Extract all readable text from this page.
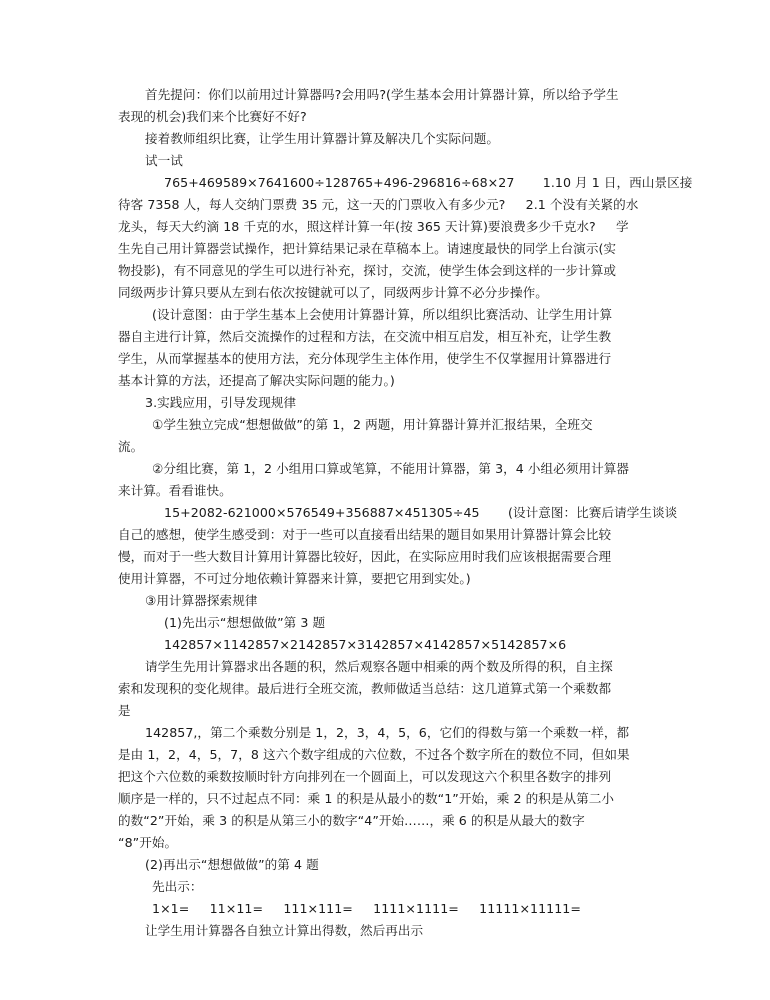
首先提问：你们以前用过计算器吗?会用吗?(学生基本会用计算器计算，所以给予学生
表现的机会)我们来个比赛好不好?
接着教师组织比赛，让学生用计算器计算及解决几个实际问题。
试一试
765+469589×7641600÷128765+496-296816÷68×27       1.10 月 1 日，西山景区接
待客 7358 人，每人交纳门票费 35 元，这一天的门票收入有多少元?     2.1 个没有关紧的水
龙头，每天大约滴 18 千克的水，照这样计算一年(按 365 天计算)要浪费多少千克水?     学
生先自己用计算器尝试操作，把计算结果记录在草稿本上。请速度最快的同学上台演示(实
物投影)，有不同意见的学生可以进行补充，探讨，交流，使学生体会到这样的一步计算或
同级两步计算只要从左到右依次按键就可以了，同级两步计算不必分步操作。
(设计意图：由于学生基本上会使用计算器计算，所以组织比赛活动、让学生用计算
器自主进行计算，然后交流操作的过程和方法，在交流中相互启发，相互补充，让学生教
学生，从而掌握基本的使用方法，充分体现学生主体作用，使学生不仅掌握用计算器进行
基本计算的方法，还提高了解决实际问题的能力。)
3.实践应用，引导发现规律
①学生独立完成“想想做做”的第 1，2 两题，用计算器计算并汇报结果，全班交
流。
②分组比赛，第 1，2 小组用口算或笔算，不能用计算器，第 3，4 小组必须用计算器
来计算。看看谁快。
15+2082-621000×576549+356887×451305÷45       (设计意图：比赛后请学生谈谈
自己的感想，使学生感受到：对于一些可以直接看出结果的题目如果用计算器计算会比较
慢，而对于一些大数目计算用计算器比较好，因此，在实际应用时我们应该根据需要合理
使用计算器，不可过分地依赖计算器来计算，要把它用到实处。)
③用计算器探索规律
(1)先出示“想想做做”第 3 题
142857×1142857×2142857×3142857×4142857×5142857×6
请学生先用计算器求出各题的积，然后观察各题中相乘的两个数及所得的积，自主探
索和发现积的变化规律。最后进行全班交流，教师做适当总结：这几道算式第一个乘数都
是
142857,，第二个乘数分别是 1，2，3，4，5，6，它们的得数与第一个乘数一样，都
是由 1，2，4，5，7，8 这六个数字组成的六位数，不过各个数字所在的数位不同，但如果
把这个六位数的乘数按顺时针方向排列在一个圆面上，可以发现这六个积里各数字的排列
顺序是一样的，只不过起点不同：乘 1 的积是从最小的数“1”开始，乘 2 的积是从第二小
的数“2”开始，乘 3 的积是从第三小的数字“4”开始……，乘 6 的积是从最大的数字
“8”开始。
(2)再出示“想想做做”的第 4 题
先出示：
1×1=     11×11=     111×111=     1111×1111=     11111×11111=
让学生用计算器各自独立计算出得数，然后再出示
